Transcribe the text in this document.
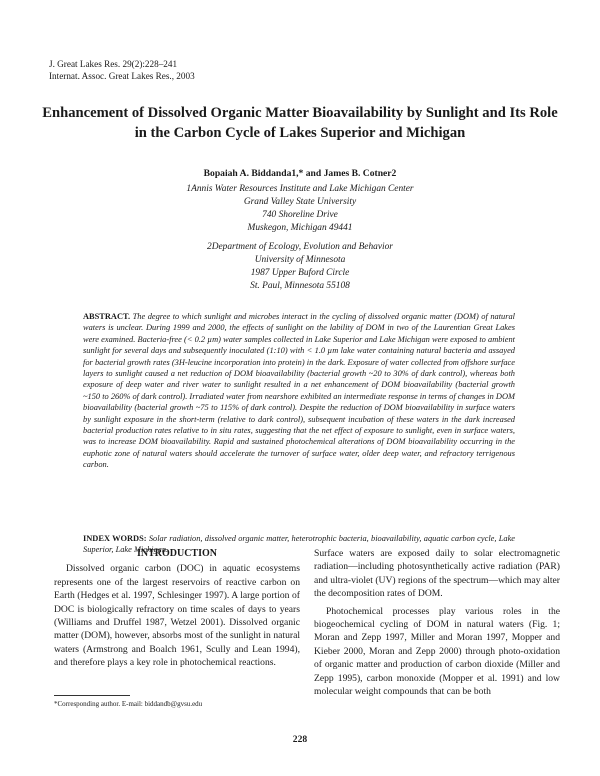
J. Great Lakes Res. 29(2):228–241
Internat. Assoc. Great Lakes Res., 2003
Enhancement of Dissolved Organic Matter Bioavailability by Sunlight and Its Role in the Carbon Cycle of Lakes Superior and Michigan
Bopaiah A. Biddanda1,* and James B. Cotner2
1Annis Water Resources Institute and Lake Michigan Center
Grand Valley State University
740 Shoreline Drive
Muskegon, Michigan 49441
2Department of Ecology, Evolution and Behavior
University of Minnesota
1987 Upper Buford Circle
St. Paul, Minnesota 55108
ABSTRACT. The degree to which sunlight and microbes interact in the cycling of dissolved organic matter (DOM) of natural waters is unclear. During 1999 and 2000, the effects of sunlight on the lability of DOM in two of the Laurentian Great Lakes were examined. Bacteria-free (< 0.2 µm) water samples collected in Lake Superior and Lake Michigan were exposed to ambient sunlight for several days and subsequently inoculated (1:10) with < 1.0 µm lake water containing natural bacteria and assayed for bacterial growth rates (3H-leucine incorporation into protein) in the dark. Exposure of water collected from offshore surface layers to sunlight caused a net reduction of DOM bioavailability (bacterial growth ~20 to 30% of dark control), whereas both exposure of deep water and river water to sunlight resulted in a net enhancement of DOM bioavailability (bacterial growth ~150 to 260% of dark control). Irradiated water from nearshore exhibited an intermediate response in terms of changes in DOM bioavailability (bacterial growth ~75 to 115% of dark control). Despite the reduction of DOM bioavailability in surface waters by sunlight exposure in the short-term (relative to dark control), subsequent incubation of these waters in the dark increased bacterial production rates relative to in situ rates, suggesting that the net effect of exposure to sunlight, even in surface waters, was to increase DOM bioavailability. Rapid and sustained photochemical alterations of DOM bioavailability occurring in the euphotic zone of natural waters should accelerate the turnover of surface water, older deep water, and refractory terrigenous carbon.
INDEX WORDS: Solar radiation, dissolved organic matter, heterotrophic bacteria, bioavailability, aquatic carbon cycle, Lake Superior, Lake Michigan.
INTRODUCTION

Dissolved organic carbon (DOC) in aquatic ecosystems represents one of the largest reservoirs of reactive carbon on Earth (Hedges et al. 1997, Schlesinger 1997). A large portion of DOC is biologically refractory on time scales of days to years (Williams and Druffel 1987, Wetzel 2001). Dissolved organic matter (DOM), however, absorbs most of the sunlight in natural waters (Armstrong and Boalch 1961, Scully and Lean 1994), and therefore plays a key role in photochemical reactions.

Surface waters are exposed daily to solar electromagnetic radiation—including photosynthetically active radiation (PAR) and ultra-violet (UV) regions of the spectrum—which may alter the decomposition rates of DOM.

Photochemical processes play various roles in the biogeochemical cycling of DOM in natural waters (Fig. 1; Moran and Zepp 1997, Miller and Moran 1997, Mopper and Kieber 2000, Moran and Zepp 2000) through photo-oxidation of organic matter and production of carbon dioxide (Miller and Zepp 1995), carbon monoxide (Mopper et al. 1991) and low molecular weight compounds that can be both

*Corresponding author. E-mail: biddandb@gvsu.edu
228
